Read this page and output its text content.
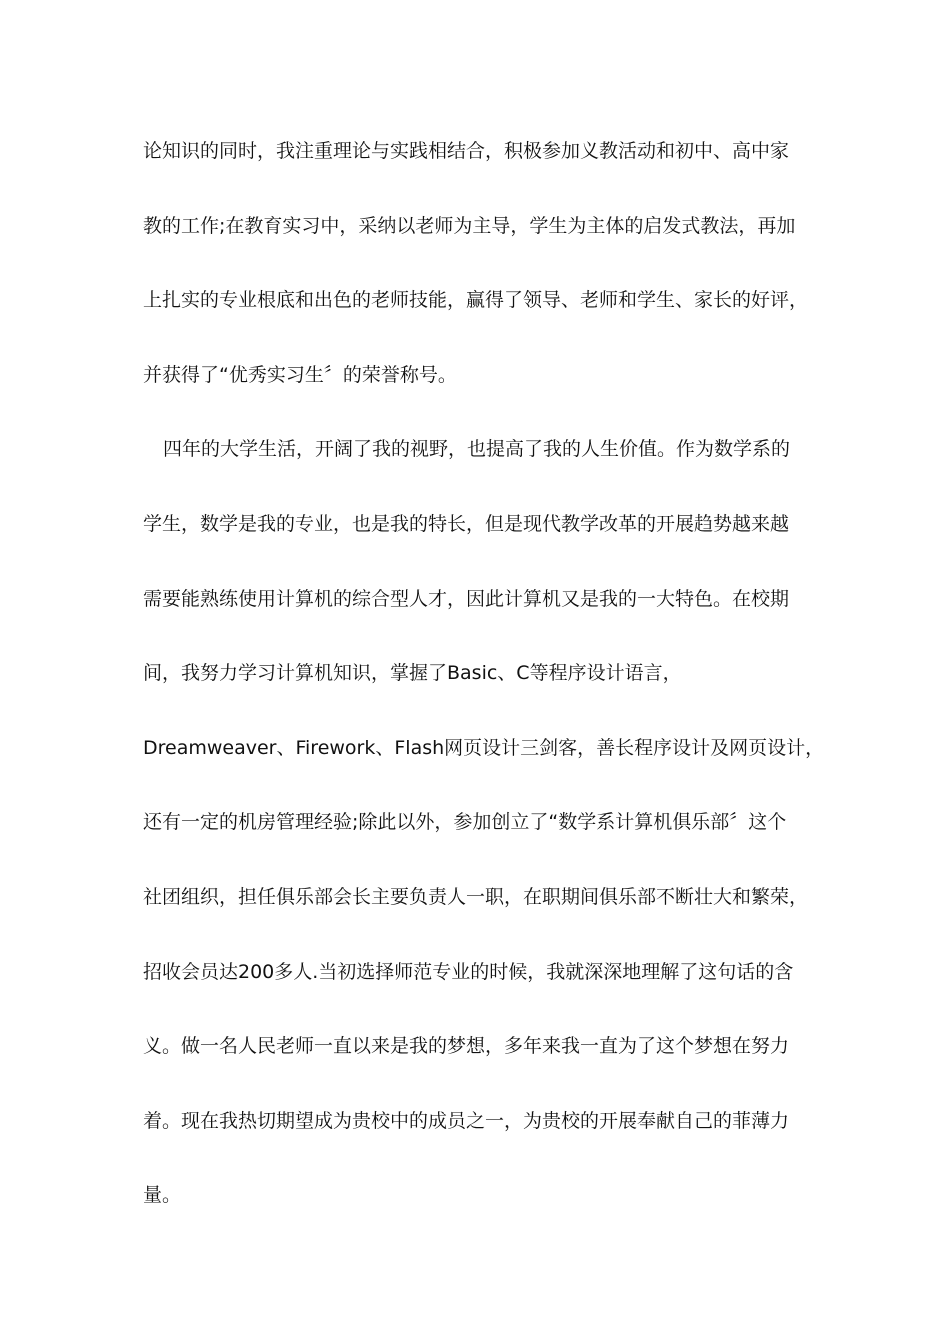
论知识的同时，我注重理论与实践相结合，积极参加义教活动和初中、高中家
教的工作;在教育实习中，采纳以老师为主导，学生为主体的启发式教法，再加
上扎实的专业根底和出色的老师技能，赢得了领导、老师和学生、家长的好评，
并获得了“优秀实习生〞的荣誉称号。
四年的大学生活，开阔了我的视野，也提高了我的人生价值。作为数学系的
学生，数学是我的专业，也是我的特长，但是现代教学改革的开展趋势越来越
需要能熟练使用计算机的综合型人才，因此计算机又是我的一大特色。在校期
间，我努力学习计算机知识，掌握了Basic、C等程序设计语言，
Dreamweaver、Firework、Flash网页设计三剑客，善长程序设计及网页设计，
还有一定的机房管理经验;除此以外，参加创立了“数学系计算机俱乐部〞这个
社团组织，担任俱乐部会长主要负责人一职，在职期间俱乐部不断壮大和繁荣，
招收会员达200多人.当初选择师范专业的时候，我就深深地理解了这句话的含
义。做一名人民老师一直以来是我的梦想，多年来我一直为了这个梦想在努力
着。现在我热切期望成为贵校中的成员之一，为贵校的开展奉献自己的菲薄力
量。
